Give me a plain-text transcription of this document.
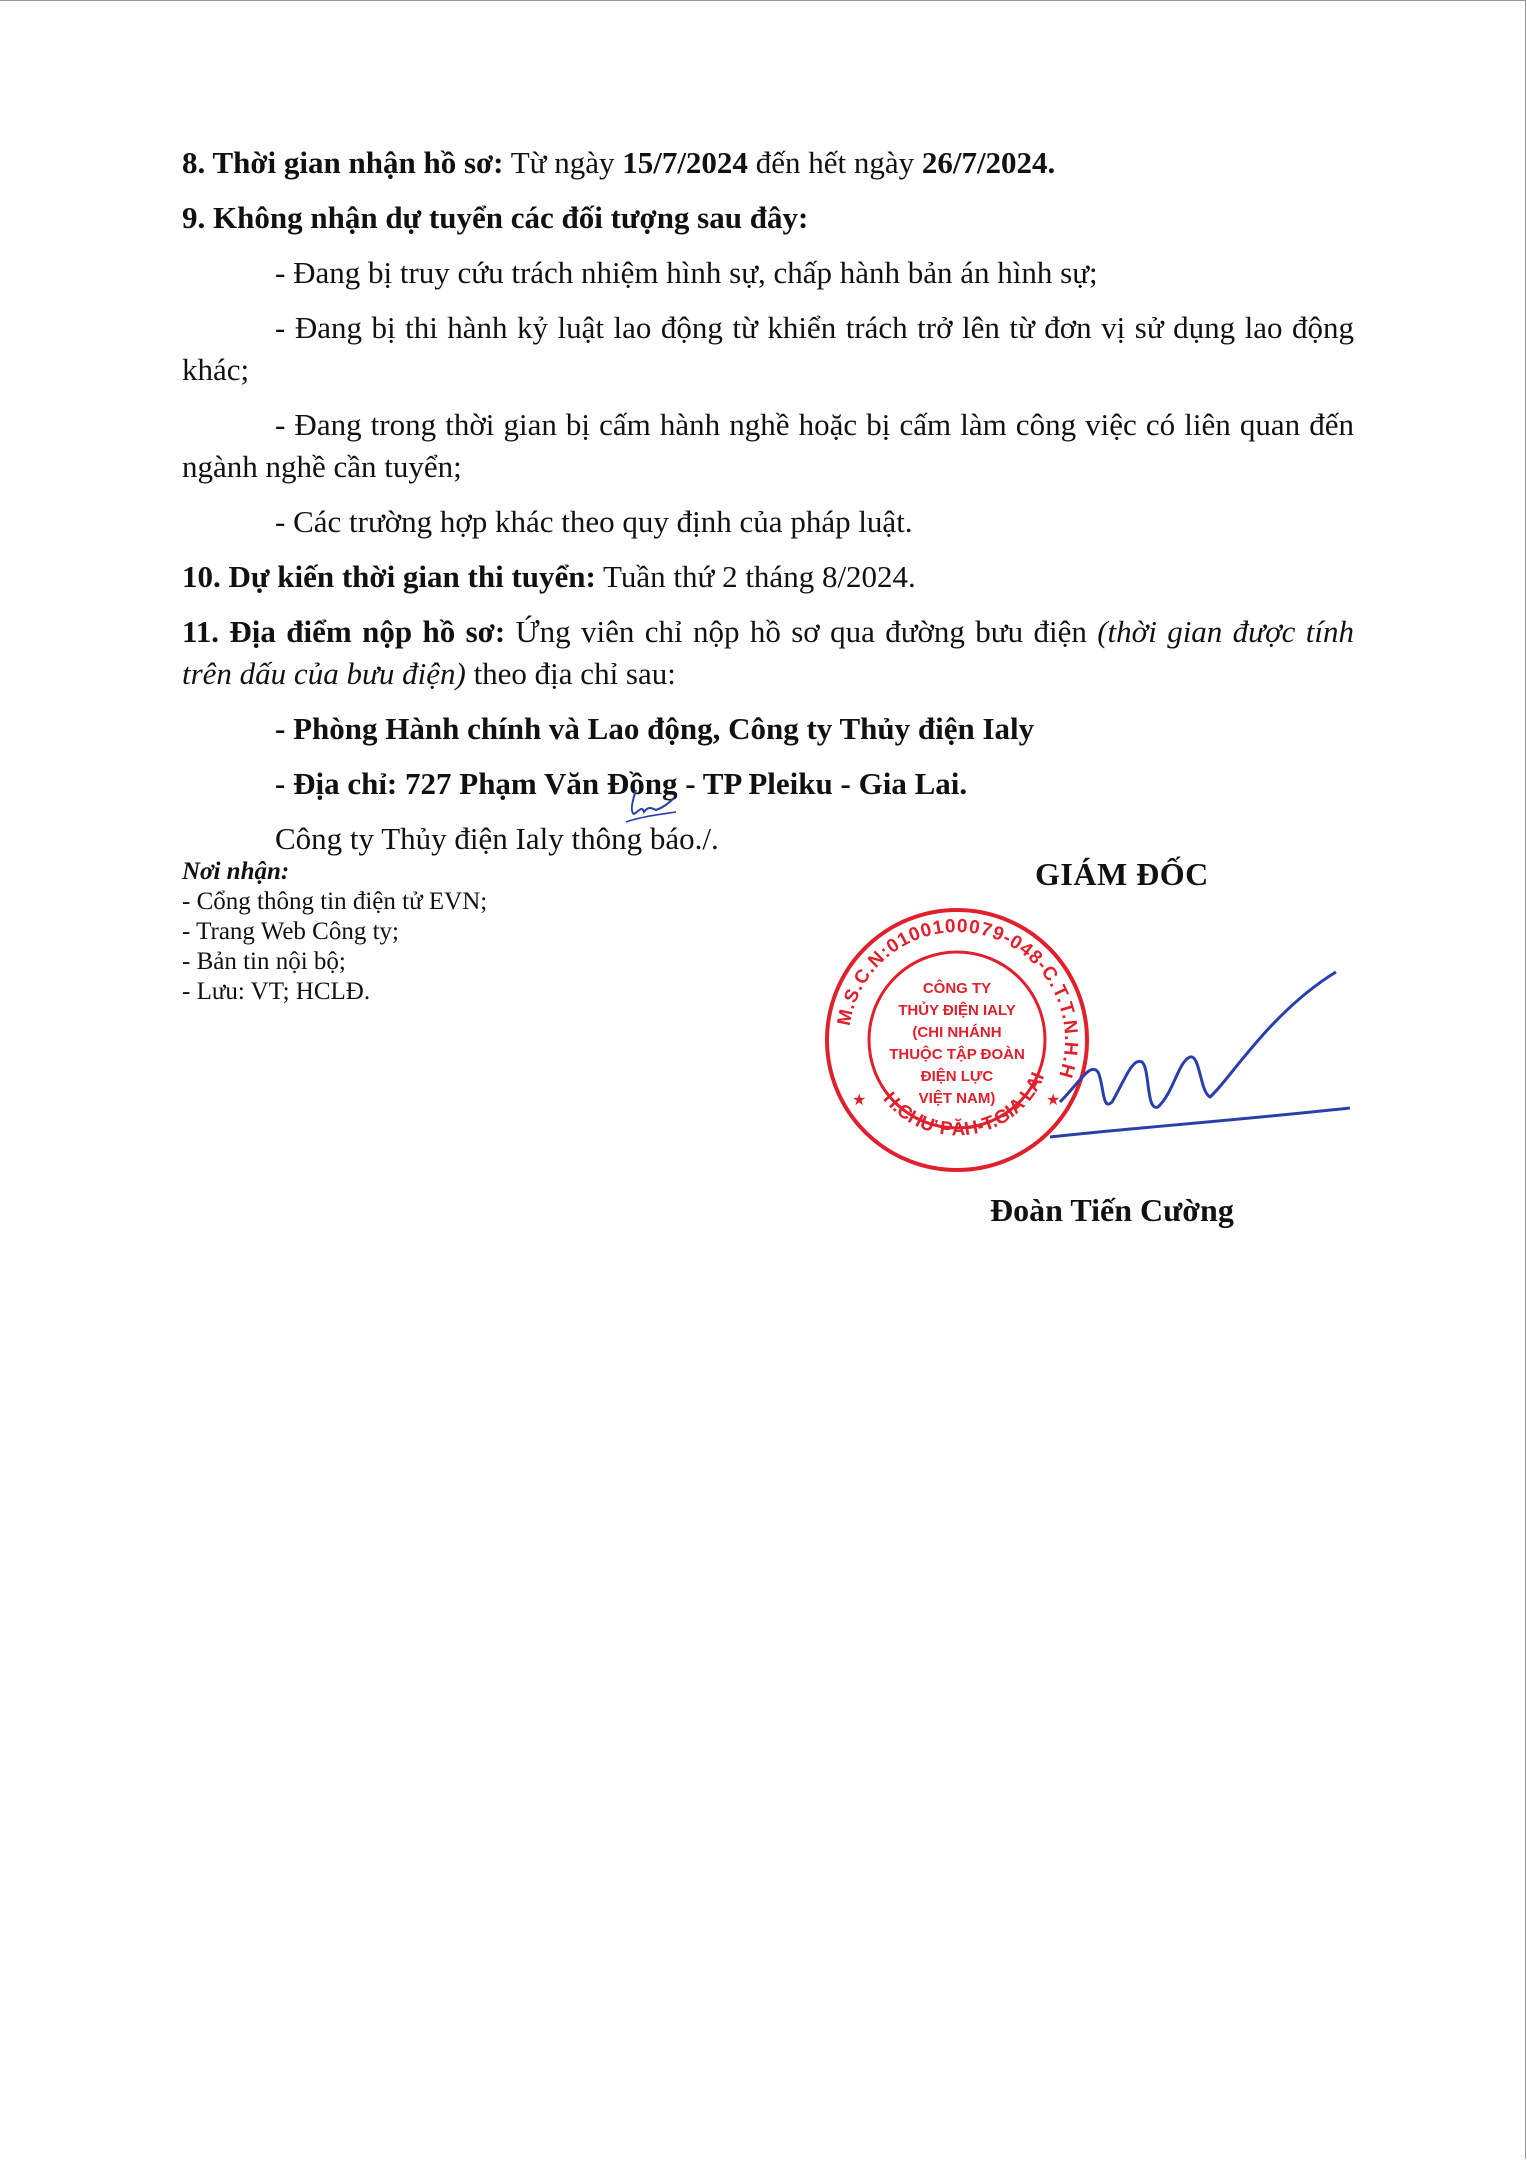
8. Thời gian nhận hồ sơ: Từ ngày 15/7/2024 đến hết ngày 26/7/2024.

9. Không nhận dự tuyển các đối tượng sau đây:

- Đang bị truy cứu trách nhiệm hình sự, chấp hành bản án hình sự;

- Đang bị thi hành kỷ luật lao động từ khiển trách trở lên từ đơn vị sử dụng lao động khác;

- Đang trong thời gian bị cấm hành nghề hoặc bị cấm làm công việc có liên quan đến ngành nghề cần tuyển;

- Các trường hợp khác theo quy định của pháp luật.

10. Dự kiến thời gian thi tuyển: Tuần thứ 2 tháng 8/2024.

11. Địa điểm nộp hồ sơ: Ứng viên chỉ nộp hồ sơ qua đường bưu điện (thời gian được tính trên dấu của bưu điện) theo địa chỉ sau:

- Phòng Hành chính và Lao động, Công ty Thủy điện Ialy

- Địa chỉ: 727 Phạm Văn Đồng - TP Pleiku - Gia Lai.

Công ty Thủy điện Ialy thông báo./.

Nơi nhận:
- Cổng thông tin điện tử EVN;
- Trang Web Công ty;
- Bản tin nội bộ;
- Lưu: VT; HCLĐ.
GIÁM ĐỐC
M.S.C.N:0100100079-048-C.T.T.N.H.H
H.CHƯ PĂH-T.GIA LAI
★	★
CÔNG TY
THỦY ĐIỆN IALY
(CHI NHÁNH
THUỘC TẬP ĐOÀN
ĐIỆN LỰC
VIỆT NAM)
Đoàn Tiến Cường
